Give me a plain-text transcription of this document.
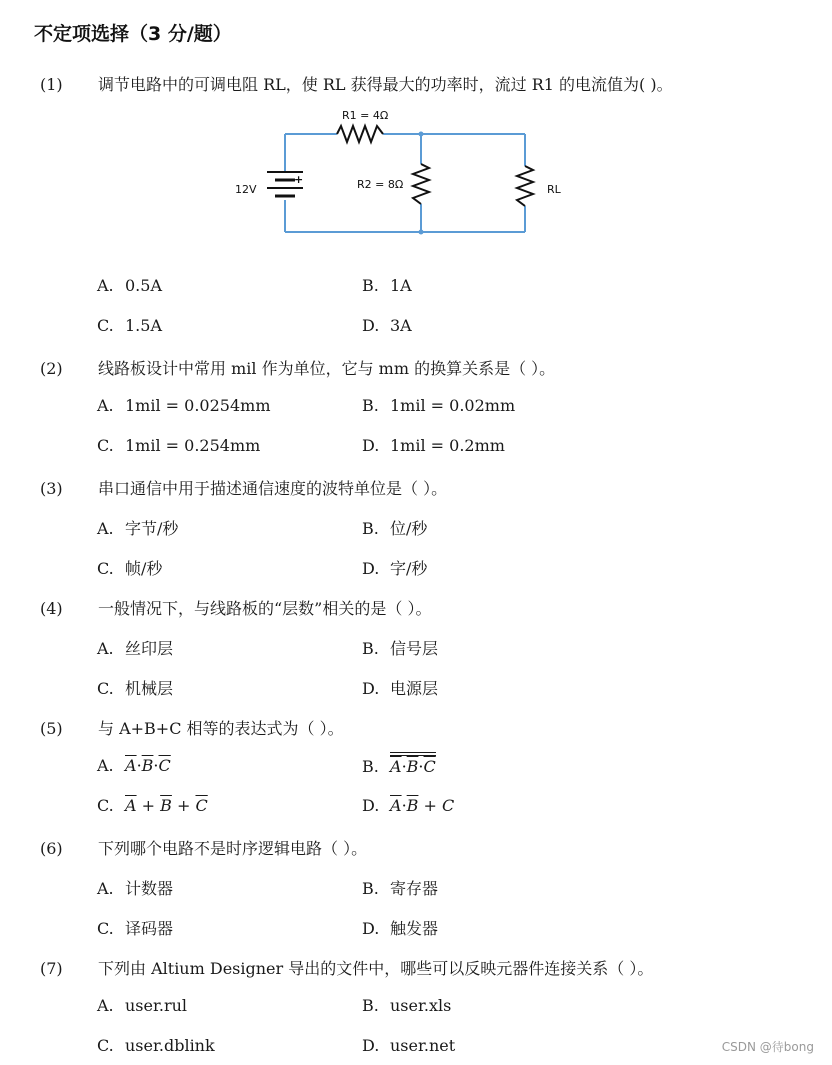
不定项选择（3 分/题）
(1) 调节电路中的可调电阻 RL，使 RL 获得最大的功率时，流过 R1 的电流值为( )。
R1 = 4Ω
R2 = 8Ω	RL
+
12V
A. 0.5A	B. 1A
C. 1.5A	D. 3A
(2) 线路板设计中常用 mil 作为单位，它与 mm 的换算关系是（ ）。
A. 1mil = 0.0254mm	B. 1mil = 0.02mm
C. 1mil = 0.254mm	D. 1mil = 0.2mm
(3) 串口通信中用于描述通信速度的波特单位是（ ）。
A. 字节/秒	B. 位/秒
C. 帧/秒	D. 字/秒
(4) 一般情况下，与线路板的“层数”相关的是（ ）。
A. 丝印层	B. 信号层
C. 机械层	D. 电源层
(5) 与 A+B+C 相等的表达式为（ ）。
A. $\overline{A}\cdot\overline{B}\cdot\overline{C}$	B. $\overline{A}\cdot\overline{B}\cdot\overline{C}$
C. $\overline{A} + \overline{B} + \overline{C}$	D. $\overline{A}\cdot\overline{B} + C$
(6) 下列哪个电路不是时序逻辑电路（ ）。
A. 计数器	B. 寄存器
C. 译码器	D. 触发器
(7) 下列由 Altium Designer 导出的文件中，哪些可以反映元器件连接关系（ ）。
A. user.rul	B. user.xls
C. user.dblink	D. user.net	CSDN @待bong
